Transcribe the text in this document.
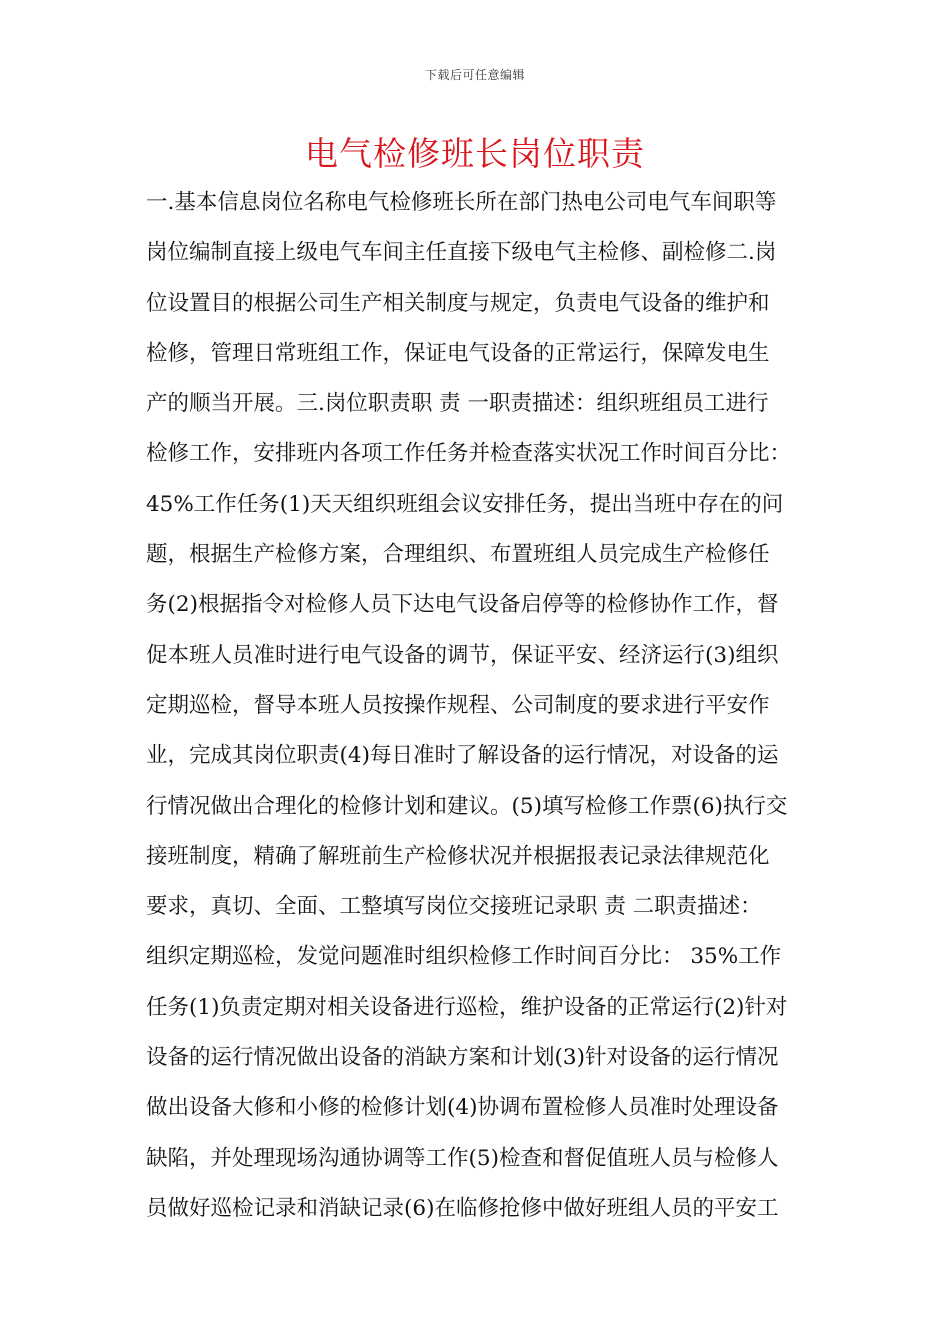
下载后可任意编辑
电气检修班长岗位职责

一.基本信息岗位名称电气检修班长所在部门热电公司电气车间职等
岗位编制直接上级电气车间主任直接下级电气主检修、副检修二.岗
位设置目的根据公司生产相关制度与规定，负责电气设备的维护和
检修，管理日常班组工作，保证电气设备的正常运行，保障发电生
产的顺当开展。三.岗位职责职 责 一职责描述：组织班组员工进行
检修工作，安排班内各项工作任务并检查落实状况工作时间百分比：
45%工作任务(1)天天组织班组会议安排任务，提出当班中存在的问
题，根据生产检修方案，合理组织、布置班组人员完成生产检修任
务(2)根据指令对检修人员下达电气设备启停等的检修协作工作，督
促本班人员准时进行电气设备的调节，保证平安、经济运行(3)组织
定期巡检，督导本班人员按操作规程、公司制度的要求进行平安作
业，完成其岗位职责(4)每日准时了解设备的运行情况，对设备的运
行情况做出合理化的检修计划和建议。(5)填写检修工作票(6)执行交
接班制度，精确了解班前生产检修状况并根据报表记录法律规范化
要求，真切、全面、工整填写岗位交接班记录职 责 二职责描述：
组织定期巡检，发觉问题准时组织检修工作时间百分比： 35%工作
任务(1)负责定期对相关设备进行巡检，维护设备的正常运行(2)针对
设备的运行情况做出设备的消缺方案和计划(3)针对设备的运行情况
做出设备大修和小修的检修计划(4)协调布置检修人员准时处理设备
缺陷，并处理现场沟通协调等工作(5)检查和督促值班人员与检修人
员做好巡检记录和消缺记录(6)在临修抢修中做好班组人员的平安工
